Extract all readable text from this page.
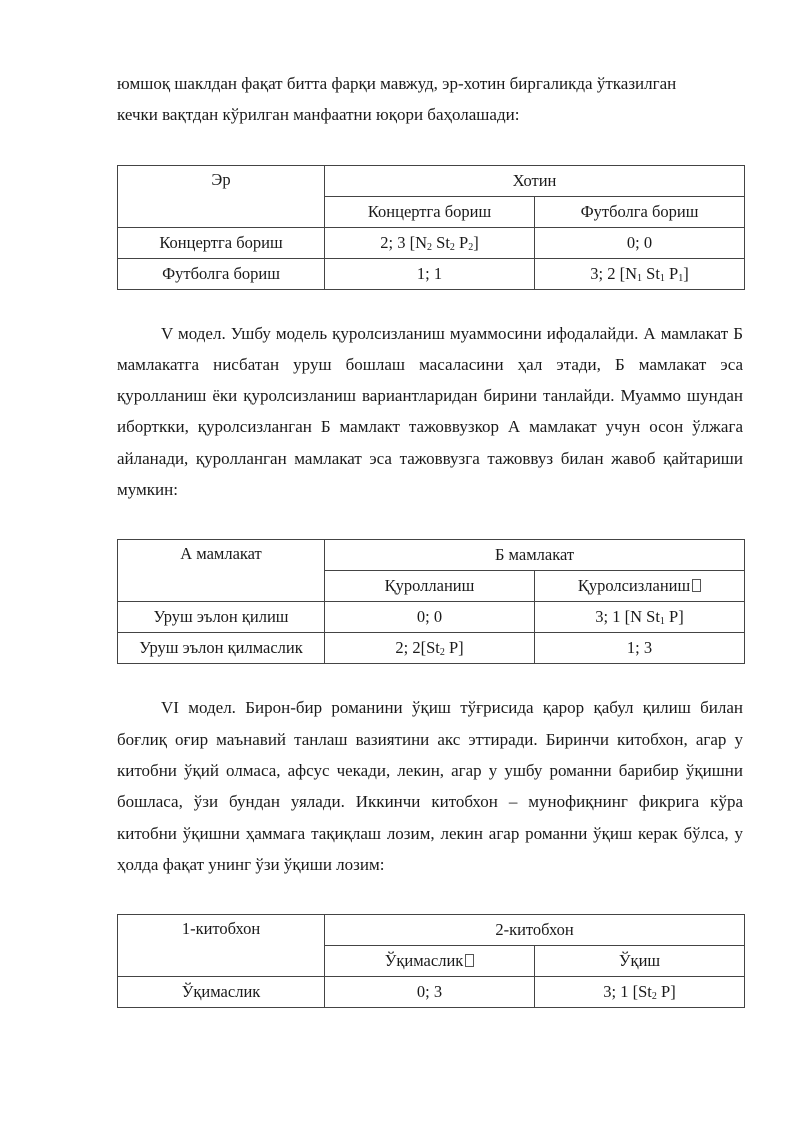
юмшоқ шаклдан фақат битта фарқи мавжуд, эр-хотин биргаликда ўтказилган
кечки вақтдан кўрилган манфаатни юқори баҳолашади:

Эр	Хотин	
	Концертга бориш	Футболга бориш
Концертга бориш	2; 3 [$N_2$ $St_2$ $P_2$]	0; 0
Футболга бориш	1; 1	3; 2 [$N_1$ $St_1$ $P_1$]

V модел. Ушбу модель қуролсизланиш муаммосини ифодалайди. А мамлакат Б мамлакатга нисбатан уруш бошлаш масаласини ҳал этади, Б мамлакат эса қуролланиш ёки қуролсизланиш вариантларидан бирини танлайди. Муаммо шундан иборткки, қуролсизланган Б мамлакт тажоввузкор А мамлакат учун осон ўлжага айланади, қуролланган мамлакат эса тажоввузга тажоввуз билан жавоб қайтариши мумкин:

А мамлакат	Б мамлакат	
	Қуролланиш	Қуролсизланиш
Уруш эълон қилиш	0; 0	3; 1 [N $St_1$ P]
Уруш эълон қилмаслик	2; $2[St_2$ P]	1; 3

VI модел. Бирон-бир романини ўқиш тўғрисида қарор қабул қилиш билан боғлиқ оғир маънавий танлаш вазиятини акс эттиради. Биринчи китобхон, агар у китобни ўқий олмаса, афсус чекади, лекин, агар у ушбу романни барибир ўқишни бошласа, ўзи бундан уялади. Иккинчи китобхон – мунофиқнинг фикрига кўра китобни ўқишни ҳаммага тақиқлаш лозим, лекин агар романни ўқиш керак бўлса, у ҳолда фақат унинг ўзи ўқиши лозим:

1-китобхон	2-китобхон	
	Ўқимаслик	Ўқиш
Ўқимаслик	0; 3	3; 1 [$St_2$ P]
